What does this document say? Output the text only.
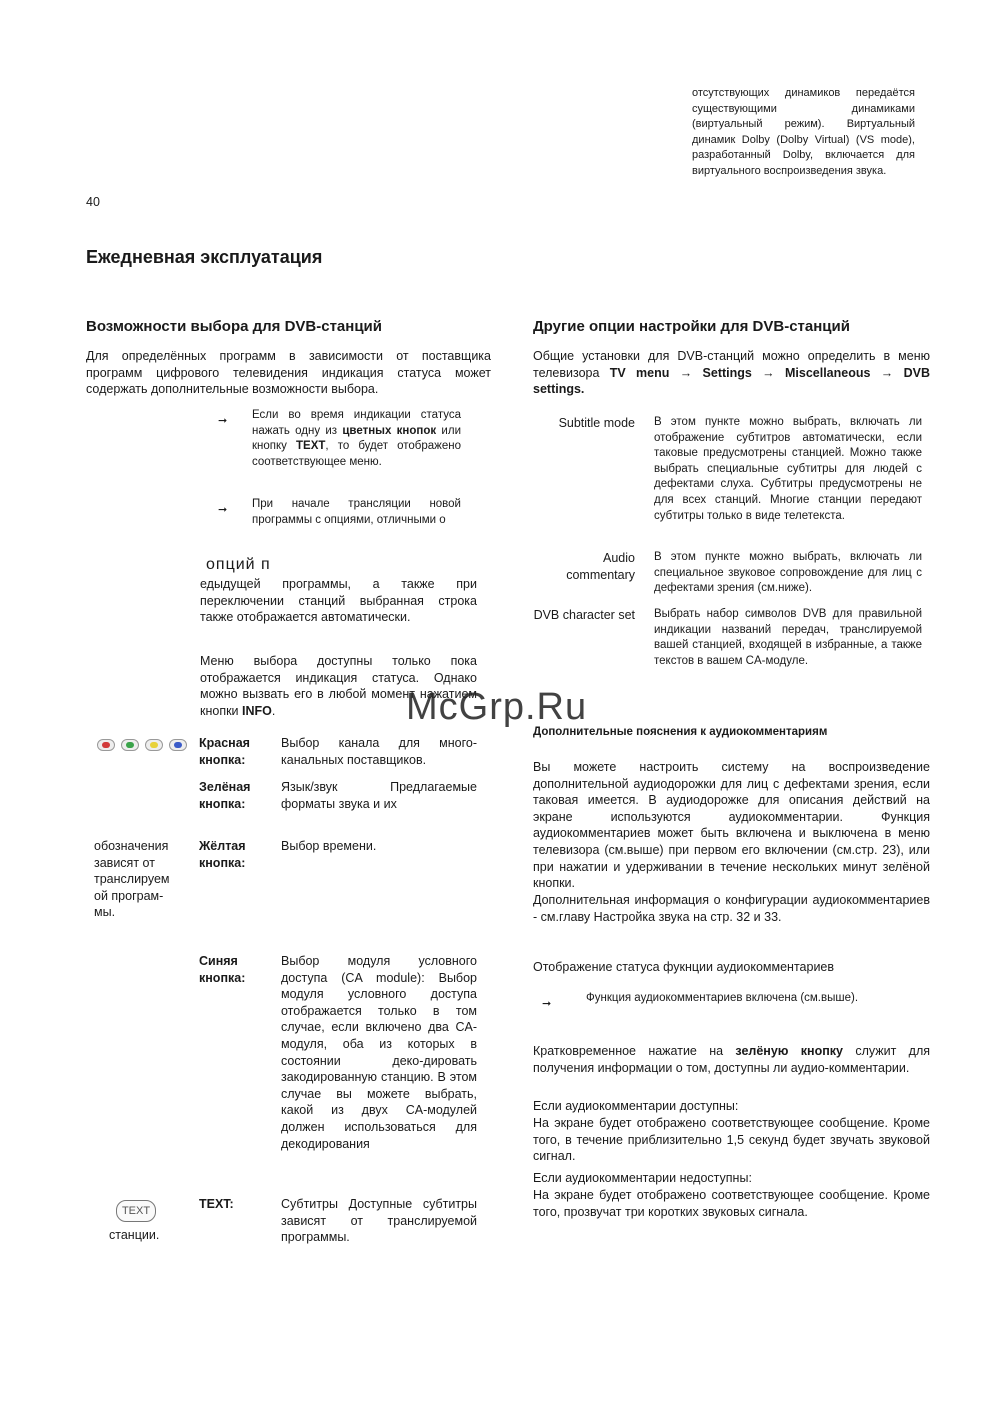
отсутствующих динамиков передаётся существующими динамиками (виртуальный режим). Виртуальный динамик Dolby (Dolby Virtual) (VS mode), разработанный Dolby, включается для виртуального воспроизведения звука.

40
Ежедневная эксплуатация
Возможности выбора для DVB-станций

Для определённых программ в зависимости от поставщика программ цифрового телевидения индикация статуса может содержать дополнительные возможности выбора.

➞ Если во время индикации статуса нажать одну из цветных кнопок или кнопку TEXT, то будет отображено соответствующее меню.

➞ При начале трансляции новой программы с опциями, отличными о

опций п

едыдущей программы, а также при переключении станций выбранная строка также отображается автоматически.

Меню выбора доступны только пока отображается индикация статуса. Однако можно вызвать его в любой момент нажатием кнопки INFO.

Красная кнопка:
Выбор канала для много-канальных поставщиков.
Зелёная кнопка:
Язык/звук Предлагаемые форматы звука и их
обозначения зависят от транслируем ой програм- мы.
Жёлтая кнопка:
Выбор времени.
Синяя кнопка:
Выбор модуля условного доступа (CA module): Выбор модуля условного доступа отображается только в том случае, если включено два CA-модуля, оба из которых в состоянии деко-дировать закодированную станцию. В этом случае вы можете выбрать, какой из двух CA-модулей должен использоваться для декодирования
TEXT
станции.
TEXT:	Субтитры Доступные субтитры зависят от транслируемой программы.
Другие опции настройки для DVB-станций

Общие установки для DVB-станций можно определить в меню телевизора TV menu → Settings → Miscellaneous → DVB settings.

Subtitle mode В этом пункте можно выбрать, включать ли отображение субтитров автоматически, если таковые предусмотрены станцией. Можно также выбрать специальные субтитры для людей с дефектами слуха. Субтитры предусмотрены не для всех станций. Многие станции передают субтитры только в виде телетекста.
Audio commentary
В этом пункте можно выбрать, включать ли специальное звуковое сопровождение для лиц с дефектами зрения (см.ниже).
DVB character set Выбрать набор символов DVB для правильной индикации названий передач, транслируемой вашей станцией, входящей в избранные, а также текстов в вашем CA-модуле.
McGrp.Ru
Дополнительные пояснения к аудиокомментариям

Вы можете настроить систему на воспроизведение дополнительной аудиодорожки для лиц с дефектами зрения, если таковая имеется. В аудиодорожке для описания действий на экране используются аудиокомментарии. Функция аудиокомментариев может быть включена и выключена в меню телевизора (см.выше) при первом его включении (см.стр. 23), или при нажатии и удерживании в течение нескольких минут зелёной кнопки.

Дополнительная информация о конфигурации аудиокомментариев - см.главу Настройка звука на стр. 32 и 33.

Отображение статуса фукнции аудиокомментариев

➞	Функция аудиокомментариев включена (см.выше).

Кратковременное нажатие на зелёную кнопку служит для получения информации о том, доступны ли аудио-комментарии.

Если аудиокомментарии доступны:

На экране будет отображено соответствующее сообщение. Кроме того, в течение приблизительно 1,5 секунд будет звучать звуковой сигнал.

Если аудиокомментарии недоступны:

На экране будет отображено соответствующее сообщение. Кроме того, прозвучат три коротких звуковых сигнала.
